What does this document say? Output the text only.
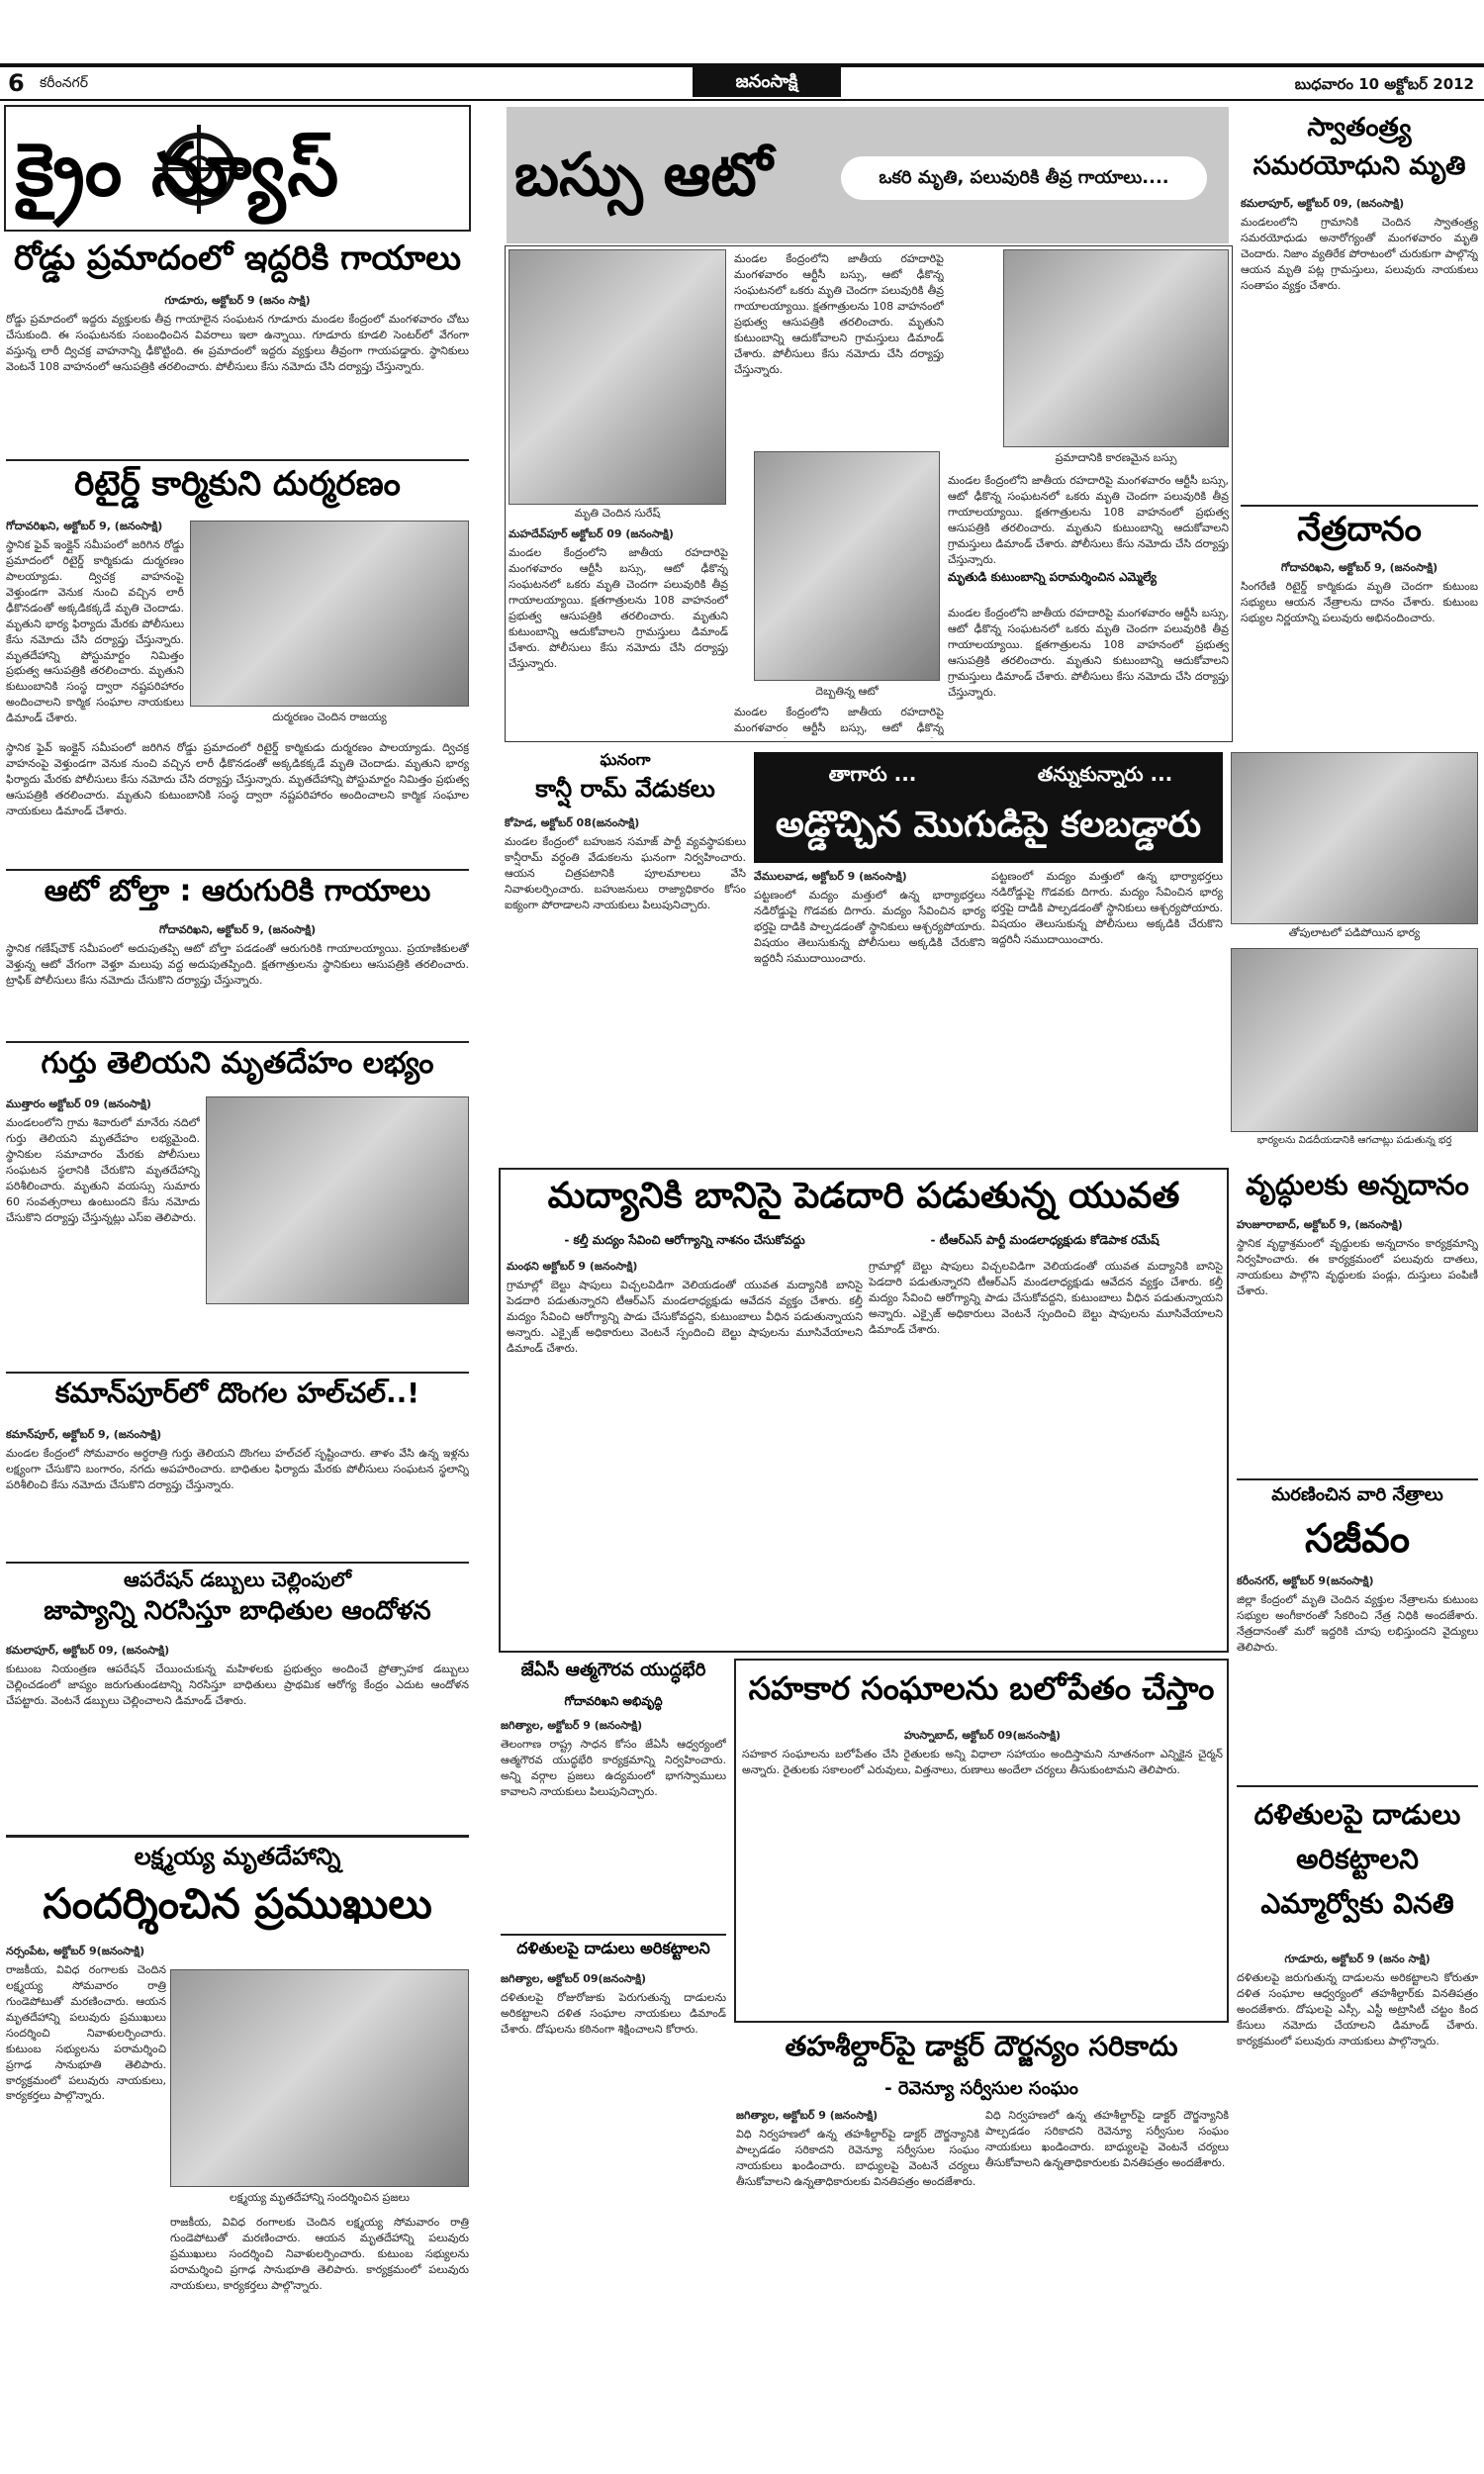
6	కరీంనగర్	జనంసాక్షి	బుధవారం 10 అక్టోబర్ 2012
క్రైం న్యూస్
రోడ్డు ప్రమాదంలో ఇద్దరికి గాయాలు
గూడూరు, అక్టోబర్ 9 (జనం సాక్షి)
రోడ్డు ప్రమాదంలో ఇద్దరు వ్యక్తులకు తీవ్ర గాయాలైన సంఘటన గూడూరు మండల కేంద్రంలో మంగళవారం చోటు చేసుకుంది. ఈ సంఘటనకు సంబంధించిన వివరాలు ఇలా ఉన్నాయి. గూడూరు కూడలి సెంటర్‌లో వేగంగా వస్తున్న లారీ ద్విచక్ర వాహనాన్ని ఢీకొట్టింది. ఈ ప్రమాదంలో ఇద్దరు వ్యక్తులు తీవ్రంగా గాయపడ్డారు. స్థానికులు వెంటనే 108 వాహనంలో ఆసుపత్రికి తరలించారు. పోలీసులు కేసు నమోదు చేసి దర్యాప్తు చేస్తున్నారు.
రిటైర్డ్ కార్మికుని దుర్మరణం
గోదావరిఖని, అక్టోబర్ 9, (జనంసాక్షి)
స్థానిక ఫైవ్ ఇంక్లైన్ సమీపంలో జరిగిన రోడ్డు ప్రమాదంలో రిటైర్డ్ కార్మికుడు దుర్మరణం పాలయ్యాడు. ద్విచక్ర వాహనంపై వెళ్తుండగా వెనుక నుంచి వచ్చిన లారీ ఢీకొనడంతో అక్కడికక్కడే మృతి చెందాడు. మృతుని భార్య ఫిర్యాదు మేరకు పోలీసులు కేసు నమోదు చేసి దర్యాప్తు చేస్తున్నారు. మృతదేహాన్ని పోస్టుమార్టం నిమిత్తం ప్రభుత్వ ఆసుపత్రికి తరలించారు. మృతుని కుటుంబానికి సంస్థ ద్వారా నష్టపరిహారం అందించాలని కార్మిక సంఘాల నాయకులు డిమాండ్ చేశారు.	దుర్మరణం చెందిన రాజయ్య
స్థానిక ఫైవ్ ఇంక్లైన్ సమీపంలో జరిగిన రోడ్డు ప్రమాదంలో రిటైర్డ్ కార్మికుడు దుర్మరణం పాలయ్యాడు. ద్విచక్ర వాహనంపై వెళ్తుండగా వెనుక నుంచి వచ్చిన లారీ ఢీకొనడంతో అక్కడికక్కడే మృతి చెందాడు. మృతుని భార్య ఫిర్యాదు మేరకు పోలీసులు కేసు నమోదు చేసి దర్యాప్తు చేస్తున్నారు. మృతదేహాన్ని పోస్టుమార్టం నిమిత్తం ప్రభుత్వ ఆసుపత్రికి తరలించారు. మృతుని కుటుంబానికి సంస్థ ద్వారా నష్టపరిహారం అందించాలని కార్మిక సంఘాల నాయకులు డిమాండ్ చేశారు.
ఆటో బోల్తా : ఆరుగురికి గాయాలు
గోదావరిఖని, అక్టోబర్ 9, (జనంసాక్షి)
స్థానిక గణేష్‌చౌక్ సమీపంలో అదుపుతప్పి ఆటో బోల్తా పడడంతో ఆరుగురికి గాయాలయ్యాయి. ప్రయాణికులతో వెళ్తున్న ఆటో వేగంగా వెళ్తూ మలుపు వద్ద అదుపుతప్పింది. క్షతగాత్రులను స్థానికులు ఆసుపత్రికి తరలించారు. ట్రాఫిక్ పోలీసులు కేసు నమోదు చేసుకొని దర్యాప్తు చేస్తున్నారు.
గుర్తు తెలియని మృతదేహం లభ్యం
ముత్తారం అక్టోబర్ 09 (జనంసాక్షి)
మండలంలోని గ్రామ శివారులో మానేరు నదిలో గుర్తు తెలియని మృతదేహం లభ్యమైంది. స్థానికుల సమాచారం మేరకు పోలీసులు సంఘటన స్థలానికి చేరుకొని మృతదేహాన్ని పరిశీలించారు. మృతుని వయస్సు సుమారు 60 సంవత్సరాలు ఉంటుందని కేసు నమోదు చేసుకొని దర్యాప్తు చేస్తున్నట్లు ఎస్ఐ తెలిపారు.
కమాన్‌పూర్‌లో దొంగల హల్‌చల్..!
కమాన్‌పూర్, అక్టోబర్ 9, (జనంసాక్షి)
మండల కేంద్రంలో సోమవారం అర్ధరాత్రి గుర్తు తెలియని దొంగలు హల్‌చల్ సృష్టించారు. తాళం వేసి ఉన్న ఇళ్లను లక్ష్యంగా చేసుకొని బంగారం, నగదు అపహరించారు. బాధితుల ఫిర్యాదు మేరకు పోలీసులు సంఘటన స్థలాన్ని పరిశీలించి కేసు నమోదు చేసుకొని దర్యాప్తు చేస్తున్నారు.
ఆపరేషన్ డబ్బులు చెల్లింపులో
జాప్యాన్ని నిరసిస్తూ బాధితుల ఆందోళన
కమలాపూర్, అక్టోబర్ 09, (జనంసాక్షి)
కుటుంబ నియంత్రణ ఆపరేషన్ చేయించుకున్న మహిళలకు ప్రభుత్వం అందించే ప్రోత్సాహక డబ్బులు చెల్లించడంలో జాప్యం జరుగుతుండటాన్ని నిరసిస్తూ బాధితులు ప్రాథమిక ఆరోగ్య కేంద్రం ఎదుట ఆందోళన చేపట్టారు. వెంటనే డబ్బులు చెల్లించాలని డిమాండ్ చేశారు.
లక్ష్మయ్య మృతదేహాన్ని
సందర్శించిన ప్రముఖులు
నర్సంపేట, అక్టోబర్ 9(జనంసాక్షి)
రాజకీయ, వివిధ రంగాలకు చెందిన లక్ష్మయ్య సోమవారం రాత్రి గుండెపోటుతో మరణించారు. ఆయన మృతదేహాన్ని పలువురు ప్రముఖులు సందర్శించి నివాళులర్పించారు. కుటుంబ సభ్యులను పరామర్శించి ప్రగాఢ సానుభూతి తెలిపారు. కార్యక్రమంలో పలువురు నాయకులు, కార్యకర్తలు పాల్గొన్నారు.
లక్ష్మయ్య మృతదేహాన్ని సందర్శించిన ప్రజలు
రాజకీయ, వివిధ రంగాలకు చెందిన లక్ష్మయ్య సోమవారం రాత్రి గుండెపోటుతో మరణించారు. ఆయన మృతదేహాన్ని పలువురు ప్రముఖులు సందర్శించి నివాళులర్పించారు. కుటుంబ సభ్యులను పరామర్శించి ప్రగాఢ సానుభూతి తెలిపారు. కార్యక్రమంలో పలువురు నాయకులు, కార్యకర్తలు పాల్గొన్నారు.
బస్సు ఆటో	ఒకరి మృతి, పలువురికి తీవ్ర గాయాలు....
మృతి చెందిన సురేష్
మహదేవ్‌పూర్ అక్టోబర్ 09 (జనంసాక్షి)
మండల కేంద్రంలోని జాతీయ రహదారిపై మంగళవారం ఆర్టీసీ బస్సు, ఆటో ఢీకొన్న సంఘటనలో ఒకరు మృతి చెందగా పలువురికి తీవ్ర గాయాలయ్యాయి. క్షతగాత్రులను 108 వాహనంలో ప్రభుత్వ ఆసుపత్రికి తరలించారు. మృతుని కుటుంబాన్ని ఆదుకోవాలని గ్రామస్తులు డిమాండ్ చేశారు. పోలీసులు కేసు నమోదు చేసి దర్యాప్తు చేస్తున్నారు.
మండల కేంద్రంలోని జాతీయ రహదారిపై మంగళవారం ఆర్టీసీ బస్సు, ఆటో ఢీకొన్న సంఘటనలో ఒకరు మృతి చెందగా పలువురికి తీవ్ర గాయాలయ్యాయి. క్షతగాత్రులను 108 వాహనంలో ప్రభుత్వ ఆసుపత్రికి తరలించారు. మృతుని కుటుంబాన్ని ఆదుకోవాలని గ్రామస్తులు డిమాండ్ చేశారు. పోలీసులు కేసు నమోదు చేసి దర్యాప్తు చేస్తున్నారు.
దెబ్బతిన్న ఆటో
మండల కేంద్రంలోని జాతీయ రహదారిపై మంగళవారం ఆర్టీసీ బస్సు, ఆటో ఢీకొన్న
ప్రమాదానికి కారణమైన బస్సు
మండల కేంద్రంలోని జాతీయ రహదారిపై మంగళవారం ఆర్టీసీ బస్సు, ఆటో ఢీకొన్న సంఘటనలో ఒకరు మృతి చెందగా పలువురికి తీవ్ర గాయాలయ్యాయి. క్షతగాత్రులను 108 వాహనంలో ప్రభుత్వ ఆసుపత్రికి తరలించారు. మృతుని కుటుంబాన్ని ఆదుకోవాలని గ్రామస్తులు డిమాండ్ చేశారు. పోలీసులు కేసు నమోదు చేసి దర్యాప్తు చేస్తున్నారు.
మృతుడి కుటుంబాన్ని పరామర్శించిన ఎమ్మెల్యే
మండల కేంద్రంలోని జాతీయ రహదారిపై మంగళవారం ఆర్టీసీ బస్సు, ఆటో ఢీకొన్న సంఘటనలో ఒకరు మృతి చెందగా పలువురికి తీవ్ర గాయాలయ్యాయి. క్షతగాత్రులను 108 వాహనంలో ప్రభుత్వ ఆసుపత్రికి తరలించారు. మృతుని కుటుంబాన్ని ఆదుకోవాలని గ్రామస్తులు డిమాండ్ చేశారు. పోలీసులు కేసు నమోదు చేసి దర్యాప్తు చేస్తున్నారు.
స్వాతంత్ర్య సమరయోధుని మృతి
కమలాపూర్, అక్టోబర్ 09, (జనంసాక్షి)
మండలంలోని గ్రామానికి చెందిన స్వాతంత్ర్య సమరయోధుడు అనారోగ్యంతో మంగళవారం మృతి చెందారు. నిజాం వ్యతిరేక పోరాటంలో చురుకుగా పాల్గొన్న ఆయన మృతి పట్ల గ్రామస్తులు, పలువురు నాయకులు సంతాపం వ్యక్తం చేశారు.
నేత్రదానం
గోదావరిఖని, అక్టోబర్ 9, (జనంసాక్షి)
సింగరేణి రిటైర్డ్ కార్మికుడు మృతి చెందగా కుటుంబ సభ్యులు ఆయన నేత్రాలను దానం చేశారు. కుటుంబ సభ్యుల నిర్ణయాన్ని పలువురు అభినందించారు.
ఘనంగా
కాన్షీ రామ్ వేడుకలు
కోహెడ, అక్టోబర్ 08(జనంసాక్షి)
మండల కేంద్రంలో బహుజన సమాజ్ పార్టీ వ్యవస్థాపకులు కాన్షీరామ్ వర్ధంతి వేడుకలను ఘనంగా నిర్వహించారు. ఆయన చిత్రపటానికి పూలమాలలు వేసి నివాళులర్పించారు. బహుజనులు రాజ్యాధికారం కోసం ఐక్యంగా పోరాడాలని నాయకులు పిలుపునిచ్చారు.
తాగారు ...	తన్నుకున్నారు ...
అడ్డొచ్చిన మొగుడిపై కలబడ్డారు
వేములవాడ, అక్టోబర్ 9 (జనంసాక్షి)
పట్టణంలో మద్యం మత్తులో ఉన్న భార్యాభర్తలు నడిరోడ్డుపై గొడవకు దిగారు. మద్యం సేవించిన భార్య భర్తపై దాడికి పాల్పడడంతో స్థానికులు ఆశ్చర్యపోయారు. విషయం తెలుసుకున్న పోలీసులు అక్కడికి చేరుకొని ఇద్దరినీ సముదాయించారు.
పట్టణంలో మద్యం మత్తులో ఉన్న భార్యాభర్తలు నడిరోడ్డుపై గొడవకు దిగారు. మద్యం సేవించిన భార్య భర్తపై దాడికి పాల్పడడంతో స్థానికులు ఆశ్చర్యపోయారు. విషయం తెలుసుకున్న పోలీసులు అక్కడికి చేరుకొని ఇద్దరినీ సముదాయించారు.
తోపులాటలో పడిపోయిన భార్య
భార్యలను విడదీయడానికి ఆగచాట్లు పడుతున్న భర్త
మద్యానికి బానిసై పెడదారి పడుతున్న యువత
- కల్తీ మద్యం సేవించి ఆరోగ్యాన్ని నాశనం చేసుకోవద్దు	- టీఆర్ఎస్ పార్టీ మండలాధ్యక్షుడు కోడెపాక రమేష్
మంథని అక్టోబర్ 9 (జనంసాక్షి)
గ్రామాల్లో బెల్టు షాపులు విచ్చలవిడిగా వెలియడంతో యువత మద్యానికి బానిసై పెడదారి పడుతున్నారని టీఆర్ఎస్ మండలాధ్యక్షుడు ఆవేదన వ్యక్తం చేశారు. కల్తీ మద్యం సేవించి ఆరోగ్యాన్ని పాడు చేసుకోవద్దని, కుటుంబాలు వీధిన పడుతున్నాయని అన్నారు. ఎక్సైజ్ అధికారులు వెంటనే స్పందించి బెల్టు షాపులను మూసివేయాలని డిమాండ్ చేశారు.
గ్రామాల్లో బెల్టు షాపులు విచ్చలవిడిగా వెలియడంతో యువత మద్యానికి బానిసై పెడదారి పడుతున్నారని టీఆర్ఎస్ మండలాధ్యక్షుడు ఆవేదన వ్యక్తం చేశారు. కల్తీ మద్యం సేవించి ఆరోగ్యాన్ని పాడు చేసుకోవద్దని, కుటుంబాలు వీధిన పడుతున్నాయని అన్నారు. ఎక్సైజ్ అధికారులు వెంటనే స్పందించి బెల్టు షాపులను మూసివేయాలని డిమాండ్ చేశారు.
వృద్ధులకు అన్నదానం
హుజూరాబాద్, అక్టోబర్ 9, (జనంసాక్షి)
స్థానిక వృద్ధాశ్రమంలో వృద్ధులకు అన్నదానం కార్యక్రమాన్ని నిర్వహించారు. ఈ కార్యక్రమంలో పలువురు దాతలు, నాయకులు పాల్గొని వృద్ధులకు పండ్లు, దుస్తులు పంపిణీ చేశారు.
మరణించిన వారి నేత్రాలు
సజీవం
కరీంనగర్, అక్టోబర్ 9(జనంసాక్షి)
జిల్లా కేంద్రంలో మృతి చెందిన వ్యక్తుల నేత్రాలను కుటుంబ సభ్యుల అంగీకారంతో సేకరించి నేత్ర నిధికి అందజేశారు. నేత్రదానంతో మరో ఇద్దరికి చూపు లభిస్తుందని వైద్యులు తెలిపారు.
దళితులపై దాడులు అరికట్టాలని ఎమ్మార్వోకు వినతి
గూడూరు, అక్టోబర్ 9 (జనం సాక్షి)
దళితులపై జరుగుతున్న దాడులను అరికట్టాలని కోరుతూ దళిత సంఘాల ఆధ్వర్యంలో తహశీల్దార్‌కు వినతిపత్రం అందజేశారు. దోషులపై ఎస్సీ, ఎస్టీ అట్రాసిటీ చట్టం కింద కేసులు నమోదు చేయాలని డిమాండ్ చేశారు. కార్యక్రమంలో పలువురు నాయకులు పాల్గొన్నారు.
జేఏసీ ఆత్మగౌరవ యుద్ధభేరి
గోదావరిఖని అభివృద్ధి
జగిత్యాల, అక్టోబర్ 9 (జనంసాక్షి)
తెలంగాణ రాష్ట్ర సాధన కోసం జేఏసీ ఆధ్వర్యంలో ఆత్మగౌరవ యుద్ధభేరి కార్యక్రమాన్ని నిర్వహించారు. అన్ని వర్గాల ప్రజలు ఉద్యమంలో భాగస్వాములు కావాలని నాయకులు పిలుపునిచ్చారు.
దళితులపై దాడులు అరికట్టాలని
జగిత్యాల, అక్టోబర్ 09(జనంసాక్షి)
దళితులపై రోజురోజుకు పెరుగుతున్న దాడులను అరికట్టాలని దళిత సంఘాల నాయకులు డిమాండ్ చేశారు. దోషులను కఠినంగా శిక్షించాలని కోరారు.
సహకార సంఘాలను బలోపేతం చేస్తాం
హుస్నాబాద్, అక్టోబర్ 09(జనంసాక్షి)
సహకార సంఘాలను బలోపేతం చేసి రైతులకు అన్ని విధాలా సహాయం అందిస్తామని నూతనంగా ఎన్నికైన చైర్మన్ అన్నారు. రైతులకు సకాలంలో ఎరువులు, విత్తనాలు, రుణాలు అందేలా చర్యలు తీసుకుంటామని తెలిపారు.
తహశీల్దార్‌పై డాక్టర్ దౌర్జన్యం సరికాదు
- రెవెన్యూ సర్వీసుల సంఘం
జగిత్యాల, అక్టోబర్ 9 (జనంసాక్షి)
విధి నిర్వహణలో ఉన్న తహశీల్దార్‌పై డాక్టర్ దౌర్జన్యానికి పాల్పడడం సరికాదని రెవెన్యూ సర్వీసుల సంఘం నాయకులు ఖండించారు. బాధ్యులపై వెంటనే చర్యలు తీసుకోవాలని ఉన్నతాధికారులకు వినతిపత్రం అందజేశారు.
విధి నిర్వహణలో ఉన్న తహశీల్దార్‌పై డాక్టర్ దౌర్జన్యానికి పాల్పడడం సరికాదని రెవెన్యూ సర్వీసుల సంఘం నాయకులు ఖండించారు. బాధ్యులపై వెంటనే చర్యలు తీసుకోవాలని ఉన్నతాధికారులకు వినతిపత్రం అందజేశారు.
